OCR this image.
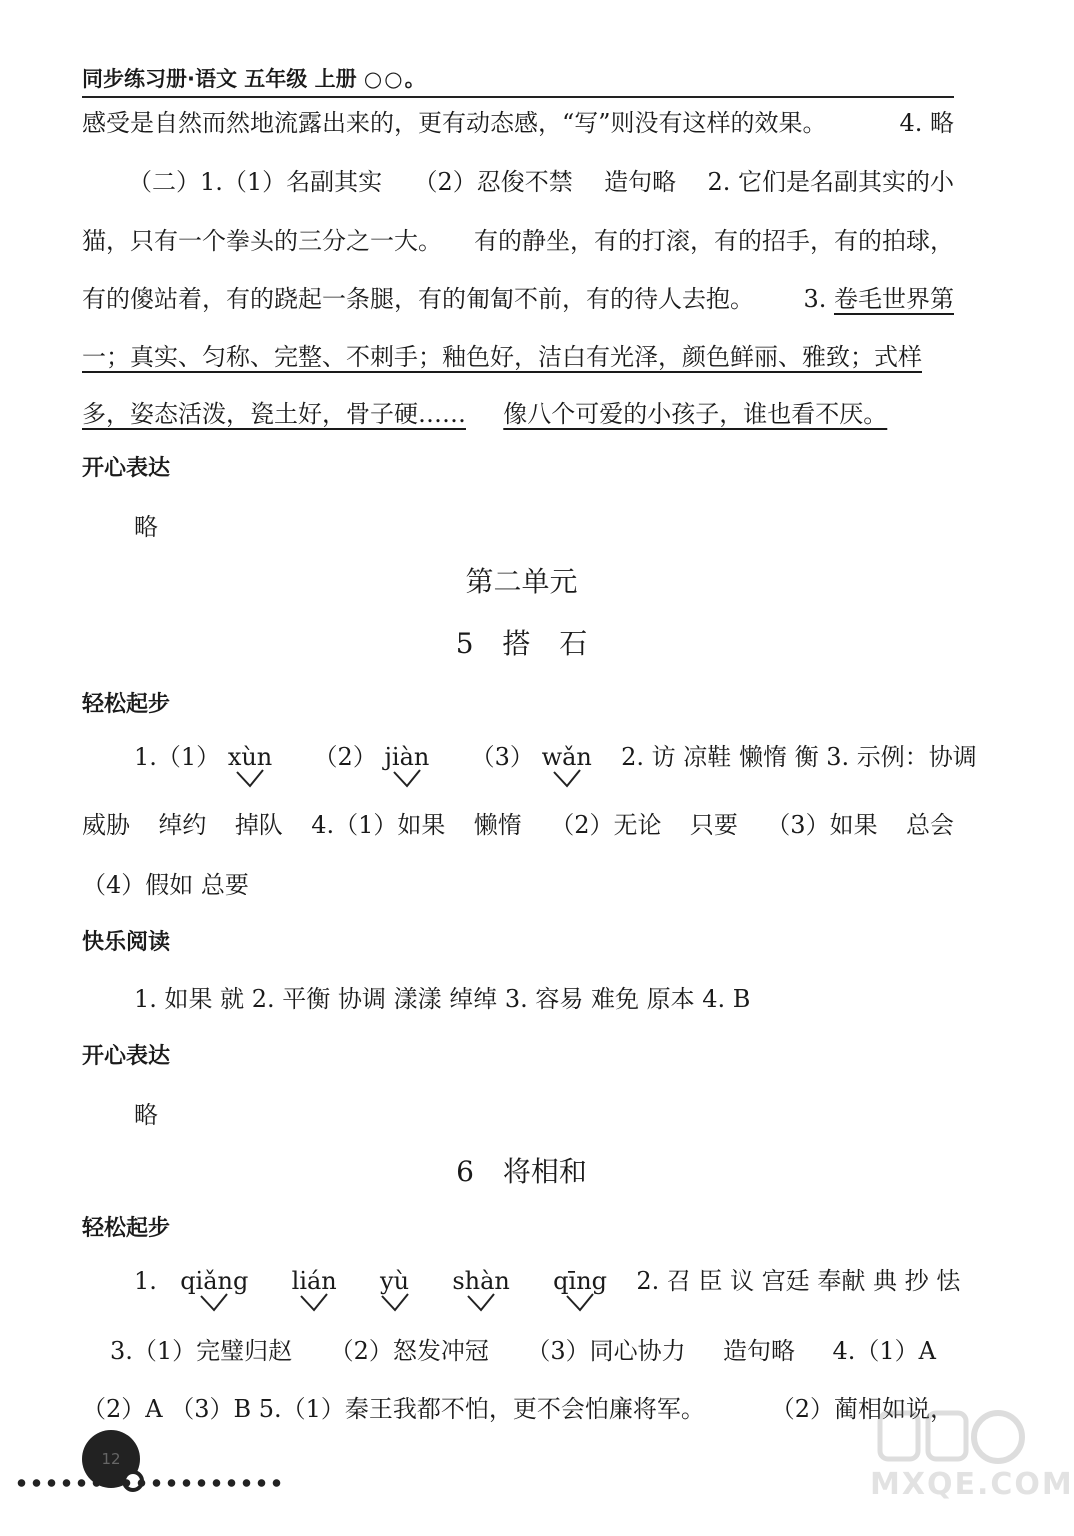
同步练习册·语文 五年级 上册 ○○。
感受是自然而然地流露出来的，更有动态感，“写”则没有这样的效果。	4. 略
（二）1.（1）名副其实 （2）忍俊不禁 造句略 2. 它们是名副其实的小
猫，只有一个拳头的三分之一大。 有的静坐，有的打滚，有的招手，有的拍球，
有的傻站着，有的跷起一条腿，有的匍匐不前，有的待人去抱。 3. 卷毛世界第
一；真实、匀称、完整、不刺手；釉色好，洁白有光泽，颜色鲜丽、雅致；式样
多，姿态活泼，瓷土好，骨子硬…… 像八个可爱的小孩子，谁也看不厌。
开心表达
略
第二单元
5 搭 石
轻松起步
1.（1） xùn （2） jiàn （3） wǎn 2. 访 凉鞋 懒惰 衡 3. 示例：协调
威胁 绰约 掉队 4.（1）如果 懒惰 （2）无论 只要 （3）如果 总会
（4）假如 总要
快乐阅读
1. 如果 就 2. 平衡 协调 漾漾 绰绰 3. 容易 难免 原本 4. B
开心表达
略
6 将相和
轻松起步
1. qiǎng lián yù shàn qīng 2. 召 臣 议 宫廷 奉献 典 抄 怯
3.（1）完璧归赵 （2）怒发冲冠 （3）同心协力 造句略 4.（1）A
（2）A （3）B 5.（1）秦王我都不怕，更不会怕廉将军。	（2）蔺相如说，
12
MXQE.COM
